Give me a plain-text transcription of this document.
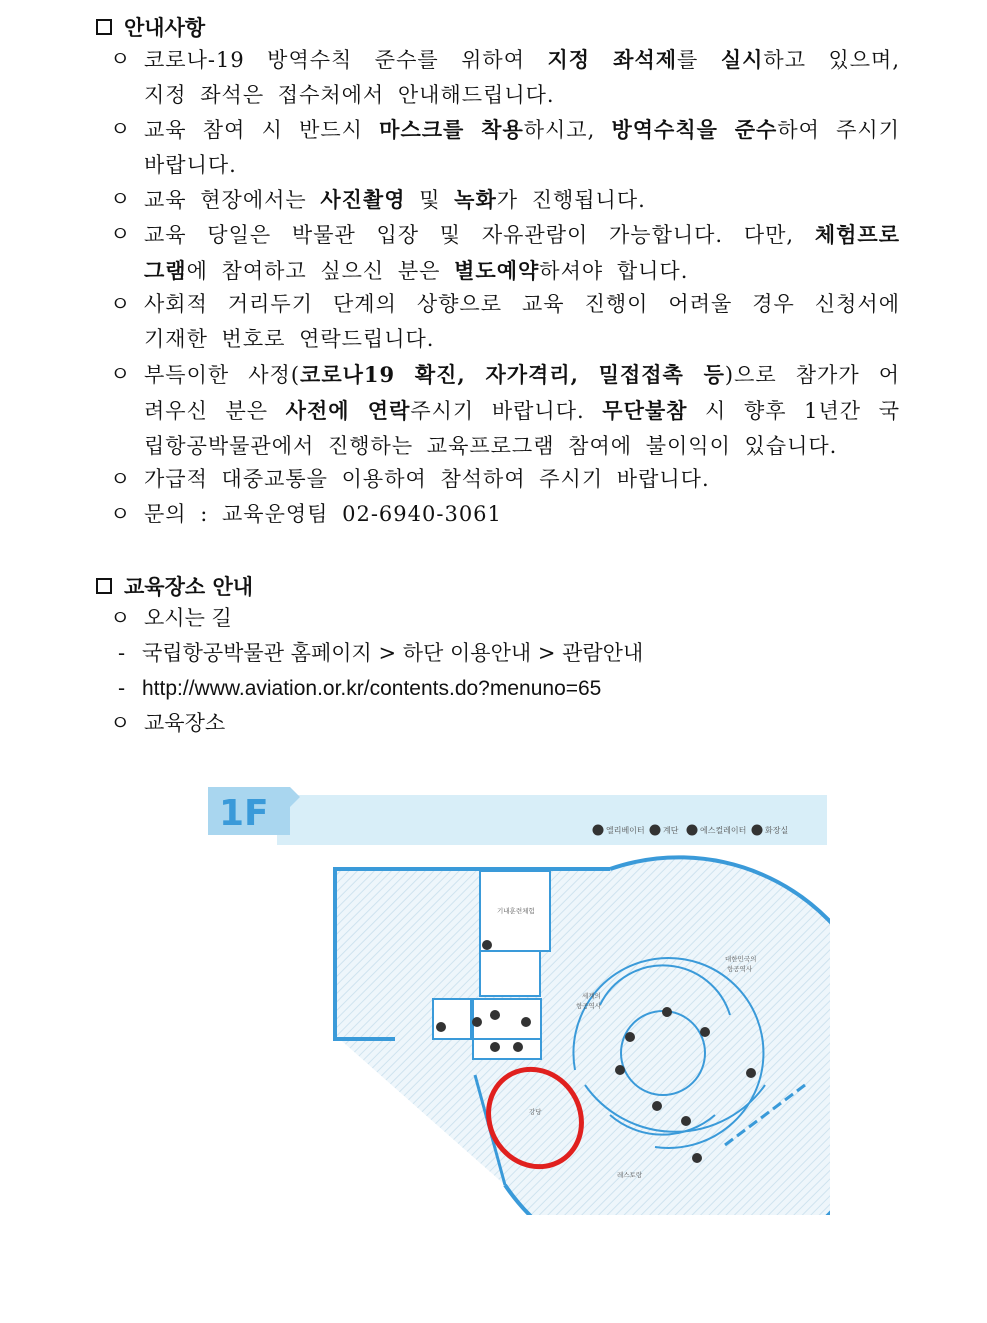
안내사항
ㅇ 코로나-19 방역수칙 준수를 위하여 지정 좌석제를 실시하고 있으며,
지정 좌석은 접수처에서 안내해드립니다.
ㅇ 교육 참여 시 반드시 마스크를 착용하시고, 방역수칙을 준수하여 주시기
바랍니다.
ㅇ 교육 현장에서는 사진촬영 및 녹화가 진행됩니다.
ㅇ 교육 당일은 박물관 입장 및 자유관람이 가능합니다. 다만, 체험프로
그램에 참여하고 싶으신 분은 별도예약하셔야 합니다.
ㅇ 사회적 거리두기 단계의 상향으로 교육 진행이 어려울 경우 신청서에
기재한 번호로 연락드립니다.
ㅇ 부득이한 사정(코로나19 확진, 자가격리, 밀접접촉 등)으로 참가가 어
려우신 분은 사전에 연락주시기 바랍니다. 무단불참 시 향후 1년간 국
립항공박물관에서 진행하는 교육프로그램 참여에 불이익이 있습니다.
ㅇ 가급적 대중교통을 이용하여 참석하여 주시기 바랍니다.
ㅇ 문의 : 교육운영팀 02-6940-3061
교육장소 안내
ㅇ 오시는 길
- 국립항공박물관 홈페이지 > 하단 이용안내 > 관람안내
- http://www.aviation.or.kr/contents.do?menuno=65
ㅇ 교육장소
1F	엘리베이터 계단	에스컬레이터 화장실
기내훈련체험
세계의
항공역사
대한민국의
항공역사
강당
레스토랑
